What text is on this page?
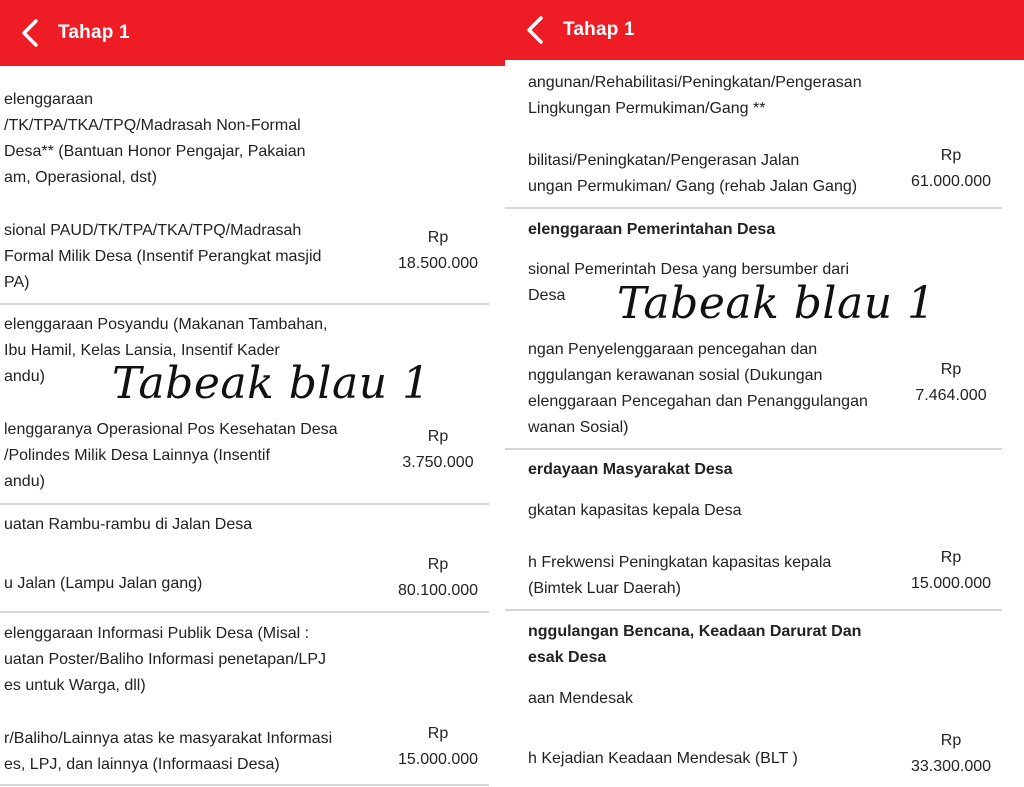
Tahap 1
elenggaraan
/TK/TPA/TKA/TPQ/Madrasah Non-Formal
Desa** (Bantuan Honor Pengajar, Pakaian
am, Operasional, dst)
sional PAUD/TK/TPA/TKA/TPQ/Madrasah
Formal Milik Desa (Insentif Perangkat masjid
PA)
Rp
18.500.000
elenggaraan Posyandu (Makanan Tambahan,
Ibu Hamil, Kelas Lansia, Insentif Kader
andu)
lenggaranya Operasional Pos Kesehatan Desa
/Polindes Milik Desa Lainnya (Insentif
andu)
Rp
3.750.000
uatan Rambu-rambu di Jalan Desa
u Jalan (Lampu Jalan gang)
Rp
80.100.000
elenggaraan Informasi Publik Desa (Misal :
uatan Poster/Baliho Informasi penetapan/LPJ
es untuk Warga, dll)
r/Baliho/Lainnya atas ke masyarakat Informasi
es, LPJ, dan lainnya (Informaasi Desa)
Rp
15.000.000
Tabeak blau 1
Tahap 1
angunan/Rehabilitasi/Peningkatan/Pengerasan
Lingkungan Permukiman/Gang **
bilitasi/Peningkatan/Pengerasan Jalan
ungan Permukiman/ Gang (rehab Jalan Gang)
Rp
61.000.000
elenggaraan Pemerintahan Desa
sional Pemerintah Desa yang bersumber dari
Desa
ngan Penyelenggaraan pencegahan dan
nggulangan kerawanan sosial (Dukungan
elenggaraan Pencegahan dan Penanggulangan
wanan Sosial)
Rp
7.464.000
erdayaan Masyarakat Desa
gkatan kapasitas kepala Desa
h Frekwensi Peningkatan kapasitas kepala
(Bimtek Luar Daerah)
Rp
15.000.000
nggulangan Bencana, Keadaan Darurat Dan
esak Desa
aan Mendesak
h Kejadian Keadaan Mendesak (BLT )
Rp
33.300.000
Tabeak blau 1
